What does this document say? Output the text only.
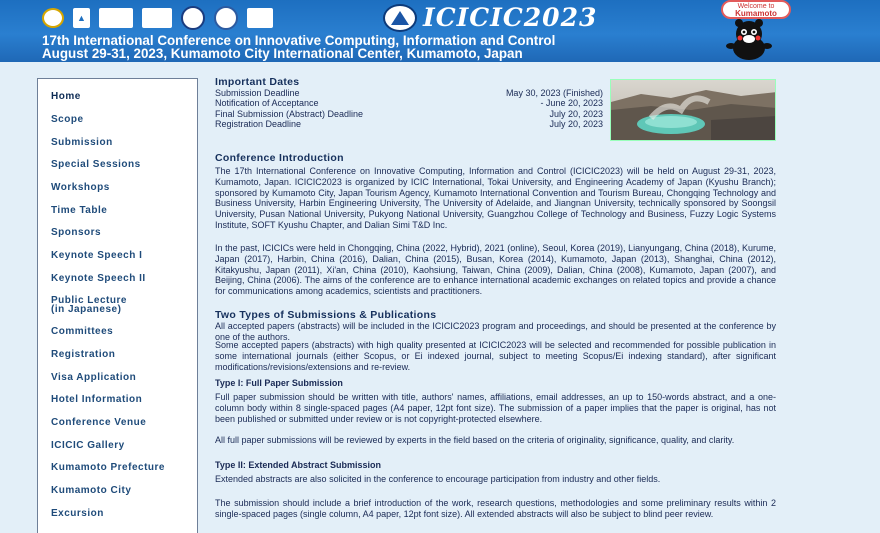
▲

	ICICIC2023
17th International Conference on Innovative Computing, Information and Control
August 29-31, 2023, Kumamoto City International Center, Kumamoto, Japan
Welcome to
Kumamoto
Home
Scope
Submission
Special Sessions
Workshops
Time Table
Sponsors
Keynote Speech I
Keynote Speech II
Public Lecture
(in Japanese)
Committees
Registration
Visa Application
Hotel Information
Conference Venue
ICICIC Gallery
Kumamoto Prefecture
Kumamoto City
Excursion
Important Dates
Submission Deadline	May 30, 2023 (Finished)
Notification of Acceptance	- June 20, 2023
Final Submission (Abstract) Deadline	July 20, 2023
Registration Deadline	July 20, 2023
Conference Introduction
The 17th International Conference on Innovative Computing, Information and Control (ICICIC2023) will be held on August 29-31, 2023, Kumamoto, Japan. ICICIC2023 is organized by ICIC International, Tokai University, and Engineering Academy of Japan (Kyushu Branch); sponsored by Kumamoto City, Japan Tourism Agency, Kumamoto International Convention and Tourism Bureau, Chongqing Technology and Business University, Harbin Engineering University, The University of Adelaide, and Jiangnan University, technically sponsored by Soongsil University, Pusan National University, Pukyong National University, Guangzhou College of Technology and Business, Fuzzy Logic Systems Institute, SOFT Kyushu Chapter, and Dalian Simi T&D Inc.
In the past, ICICICs were held in Chongqing, China (2022, Hybrid), 2021 (online), Seoul, Korea (2019), Lianyungang, China (2018), Kurume, Japan (2017), Harbin, China (2016), Dalian, China (2015), Busan, Korea (2014), Kumamoto, Japan (2013), Shanghai, China (2012), Kitakyushu, Japan (2011), Xi'an, China (2010), Kaohsiung, Taiwan, China (2009), Dalian, China (2008), Kumamoto, Japan (2007), and Beijing, China (2006). The aims of the conference are to enhance international academic exchanges on related topics and provide a chance for communications among academics, scientists and practitioners.
Two Types of Submissions & Publications
All accepted papers (abstracts) will be included in the ICICIC2023 program and proceedings, and should be presented at the conference by one of the authors.
Some accepted papers (abstracts) with high quality presented at ICICIC2023 will be selected and recommended for possible publication in some international journals (either Scopus, or Ei indexed journal, subject to meeting Scopus/Ei indexing standard), after significant modifications/revisions/extensions and re-review.
Type I: Full Paper Submission
Full paper submission should be written with title, authors' names, affiliations, email addresses, an up to 150-words abstract, and a one-column body within 8 single-spaced pages (A4 paper, 12pt font size). The submission of a paper implies that the paper is original, has not been published or submitted under review or is not copyright-protected elsewhere.
All full paper submissions will be reviewed by experts in the field based on the criteria of originality, significance, quality, and clarity.
Type II: Extended Abstract Submission
Extended abstracts are also solicited in the conference to encourage participation from industry and other fields.
The submission should include a brief introduction of the work, research questions, methodologies and some preliminary results within 2 single-spaced pages (single column, A4 paper, 12pt font size). All extended abstracts will also be subject to blind peer review.
